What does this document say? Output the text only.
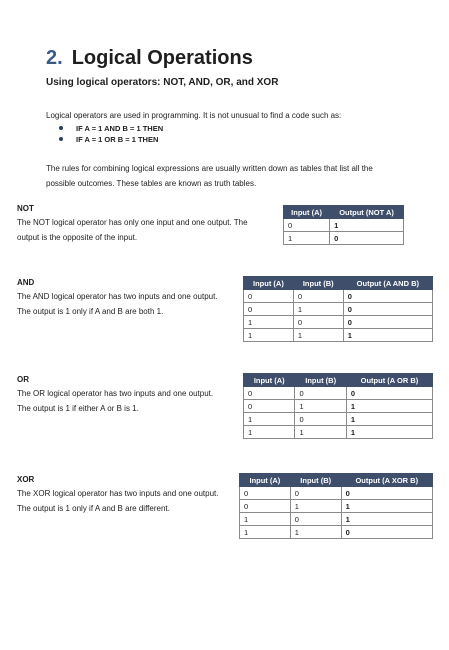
2. Logical Operations
Using logical operators: NOT, AND, OR, and XOR
Logical operators are used in programming. It is not unusual to find a code such as:
IF A = 1 AND B = 1 THEN
IF A = 1 OR B = 1 THEN
The rules for combining logical expressions are usually written down as tables that list all the
possible outcomes. These tables are known as truth tables.
NOT
The NOT logical operator has only one input and one output. The
output is the opposite of the input.
Input (A)	Output (NOT A)
0	1
1	0
AND
The AND logical operator has two inputs and one output.
The output is 1 only if A and B are both 1.
Input (A)	Input (B)	Output (A AND B)
0	0	0
0	1	0
1	0	0
1	1	1
OR
The OR logical operator has two inputs and one output.
The output is 1 if either A or B is 1.
Input (A)	Input (B)	Output (A OR B)
0	0	0
0	1	1
1	0	1
1	1	1
XOR
The XOR logical operator has two inputs and one output.
The output is 1 only if A and B are different.
Input (A)	Input (B)	Output (A XOR B)
0	0	0
0	1	1
1	0	1
1	1	0
